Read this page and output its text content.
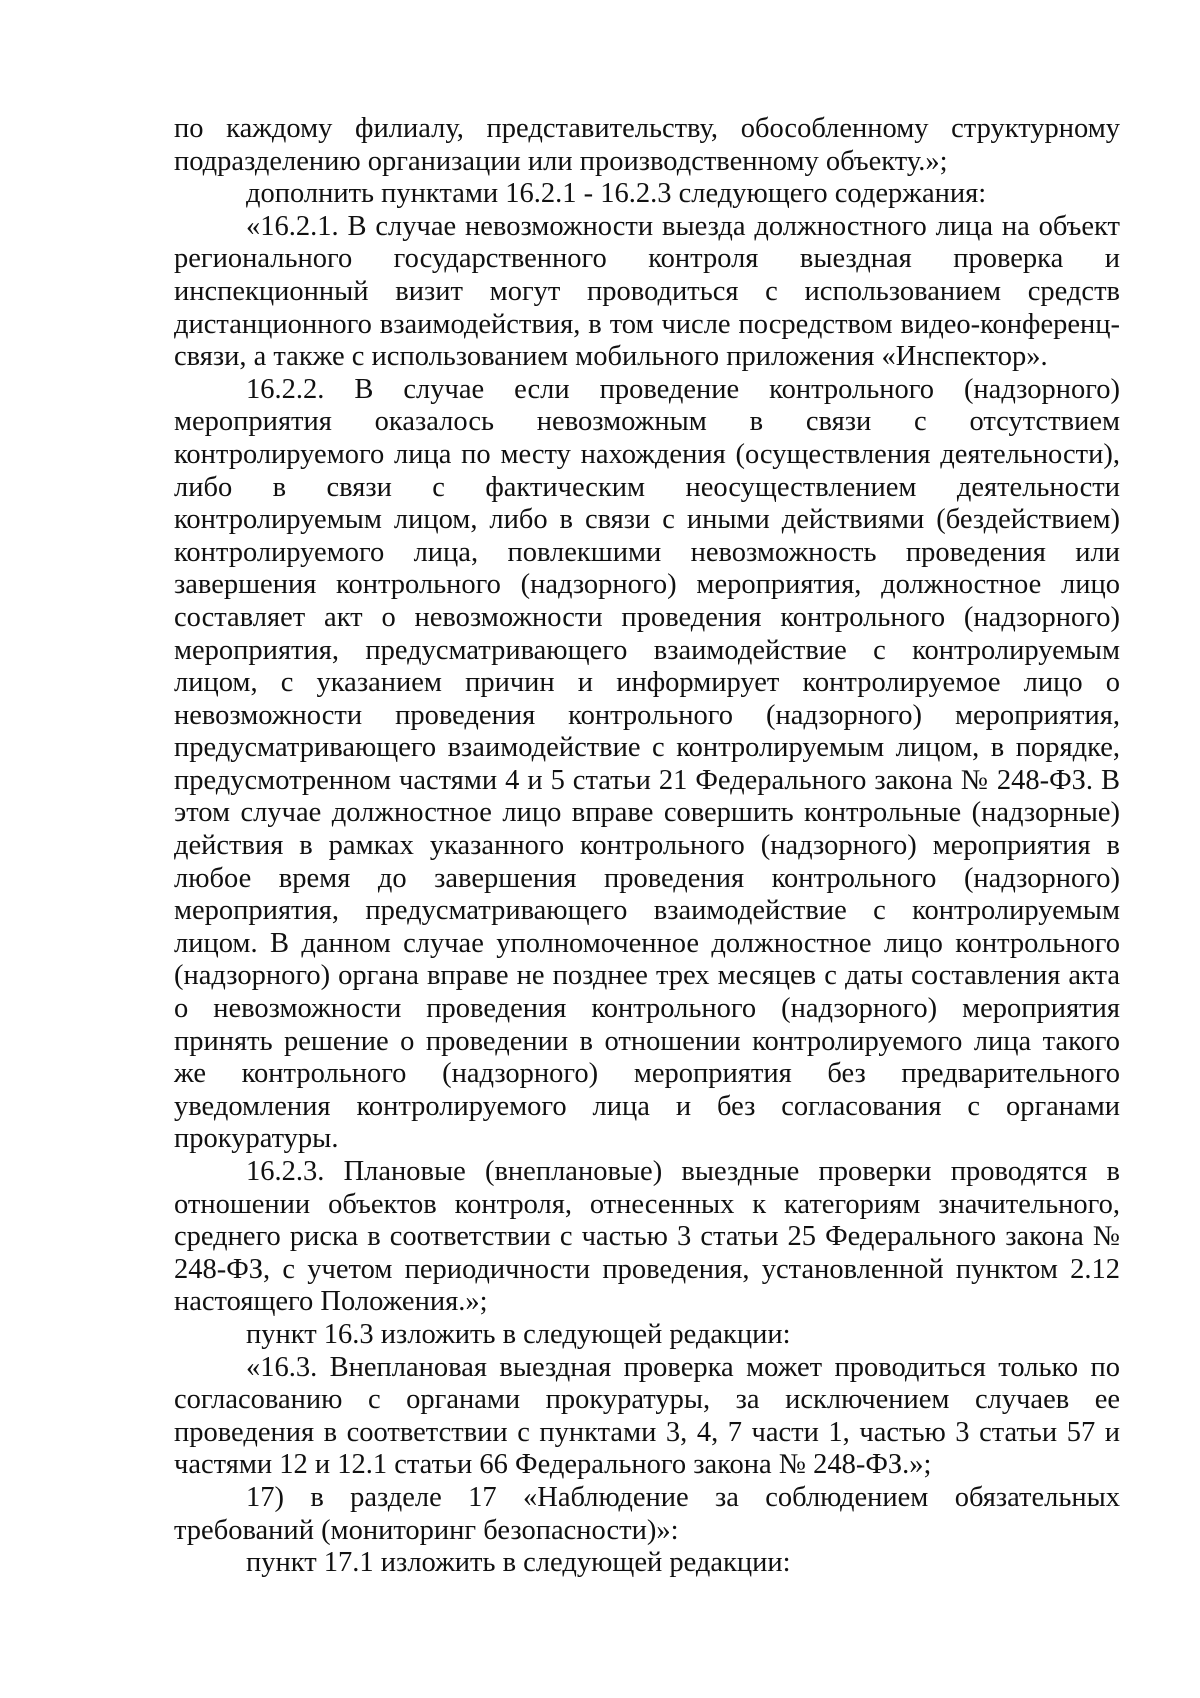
по каждому филиалу, представительству, обособленному структурному подразделению организации или производственному объекту.»;

дополнить пунктами 16.2.1 - 16.2.3 следующего содержания:

«16.2.1. В случае невозможности выезда должностного лица на объект регионального государственного контроля выездная проверка и инспекционный визит могут проводиться с использованием средств дистанционного взаимодействия, в том числе посредством видео-конференц-связи, а также с использованием мобильного приложения «Инспектор».

16.2.2. В случае если проведение контрольного (надзорного) мероприятия оказалось невозможным в связи с отсутствием контролируемого лица по месту нахождения (осуществления деятельности), либо в связи с фактическим неосуществлением деятельности контролируемым лицом, либо в связи с иными действиями (бездействием) контролируемого лица, повлекшими невозможность проведения или завершения контрольного (надзорного) мероприятия, должностное лицо составляет акт о невозможности проведения контрольного (надзорного) мероприятия, предусматривающего взаимодействие с контролируемым лицом, с указанием причин и информирует контролируемое лицо о невозможности проведения контрольного (надзорного) мероприятия, предусматривающего взаимодействие с контролируемым лицом, в порядке, предусмотренном частями 4 и 5 статьи 21 Федерального закона № 248-ФЗ. В этом случае должностное лицо вправе совершить контрольные (надзорные) действия в рамках указанного контрольного (надзорного) мероприятия в любое время до завершения проведения контрольного (надзорного) мероприятия, предусматривающего взаимодействие с контролируемым лицом. В данном случае уполномоченное должностное лицо контрольного (надзорного) органа вправе не позднее трех месяцев с даты составления акта о невозможности проведения контрольного (надзорного) мероприятия принять решение о проведении в отношении контролируемого лица такого же контрольного (надзорного) мероприятия без предварительного уведомления контролируемого лица и без согласования с органами прокуратуры.

16.2.3. Плановые (внеплановые) выездные проверки проводятся в отношении объектов контроля, отнесенных к категориям значительного, среднего риска в соответствии с частью 3 статьи 25 Федерального закона № 248-ФЗ, с учетом периодичности проведения, установленной пунктом 2.12 настоящего Положения.»;

пункт 16.3 изложить в следующей редакции:

«16.3. Внеплановая выездная проверка может проводиться только по согласованию с органами прокуратуры, за исключением случаев ее проведения в соответствии с пунктами 3, 4, 7 части 1, частью 3 статьи 57 и частями 12 и 12.1 статьи 66 Федерального закона № 248-ФЗ.»;

17) в разделе 17 «Наблюдение за соблюдением обязательных требований (мониторинг безопасности)»:

пункт 17.1 изложить в следующей редакции:
